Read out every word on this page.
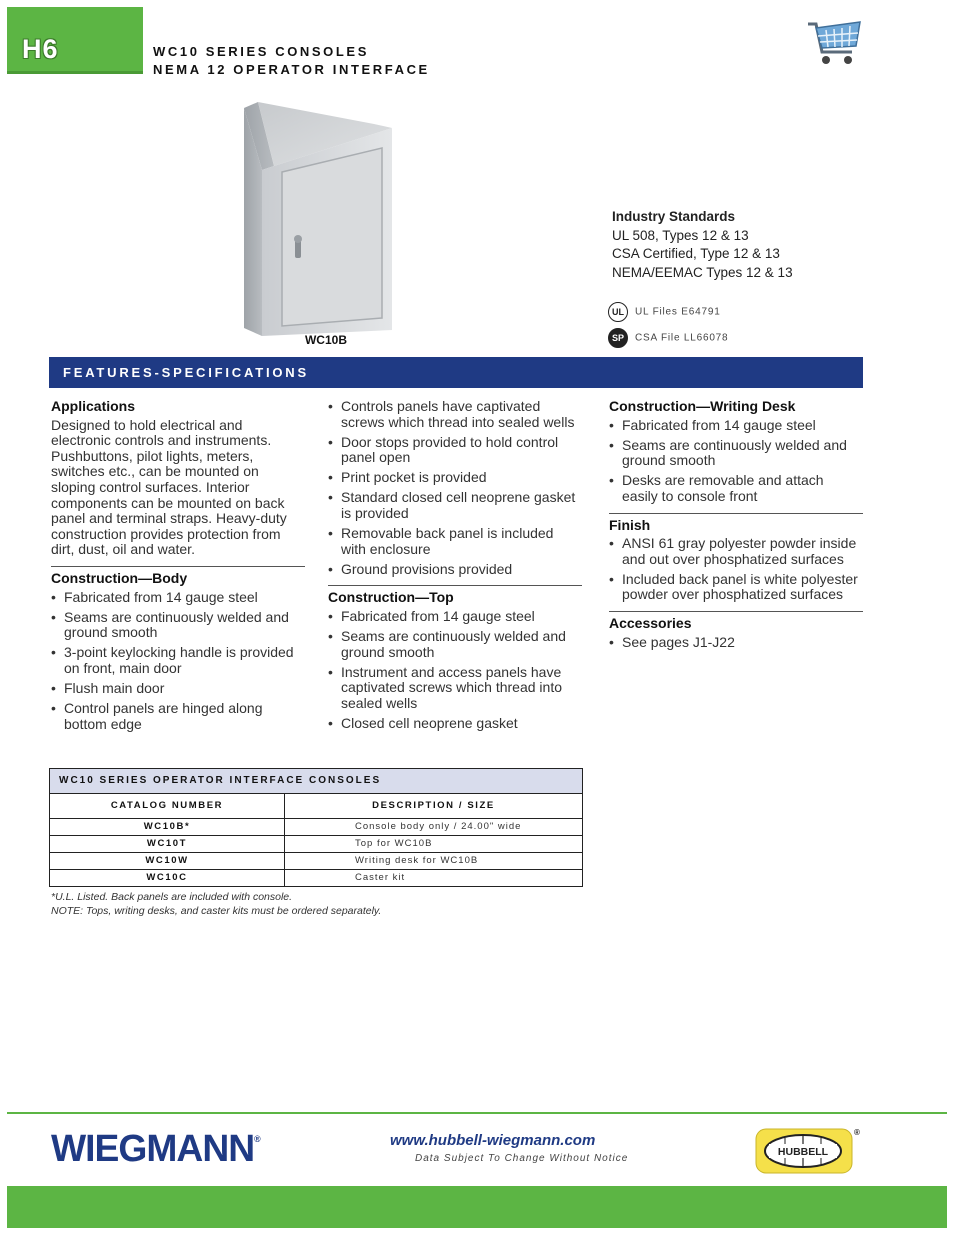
H6	WC10 SERIES CONSOLES
NEMA 12 OPERATOR INTERFACE
WC10B
Industry Standards
UL 508, Types 12 & 13
CSA Certified, Type 12 & 13
NEMA/EEMAC Types 12 & 13
UL UL Files E64791
SP CSA File LL66078
FEATURES-SPECIFICATIONS
Applications

Designed to hold electrical and electronic controls and instruments. Pushbuttons, pilot lights, meters, switches etc., can be mounted on sloping control surfaces. Interior components can be mounted on back panel and terminal straps. Heavy-duty construction provides protection from dirt, dust, oil and water.

Construction—Body
• Fabricated from 14 gauge steel
• Seams are continuously welded and ground smooth
• 3-point keylocking handle is provided on front, main door
• Flush main door
• Control panels are hinged along bottom edge
• Controls panels have captivated screws which thread into sealed wells
• Door stops provided to hold control panel open
• Print pocket is provided
• Standard closed cell neoprene gasket is provided
• Removable back panel is included with enclosure
• Ground provisions provided
Construction—Top
• Fabricated from 14 gauge steel
• Seams are continuously welded and ground smooth
• Instrument and access panels have captivated screws which thread into sealed wells
• Closed cell neoprene gasket
Construction—Writing Desk
• Fabricated from 14 gauge steel
• Seams are continuously welded and ground smooth
• Desks are removable and attach easily to console front
Finish
• ANSI 61 gray polyester powder inside and out over phosphatized surfaces
• Included back panel is white polyester powder over phosphatized surfaces
Accessories
• See pages J1-J22
WC10 SERIES OPERATOR INTERFACE CONSOLES
CATALOG NUMBER	DESCRIPTION / SIZE
WC10B*	Console body only / 24.00" wide
WC10T	Top for WC10B
WC10W	Writing desk for WC10B
WC10C	Caster kit
*U.L. Listed. Back panels are included with console.
NOTE: Tops, writing desks, and caster kits must be ordered separately.
WIEGMANN®	www.hubbell-wiegmann.com
Data Subject To Change Without Notice
HUBBELL
®
